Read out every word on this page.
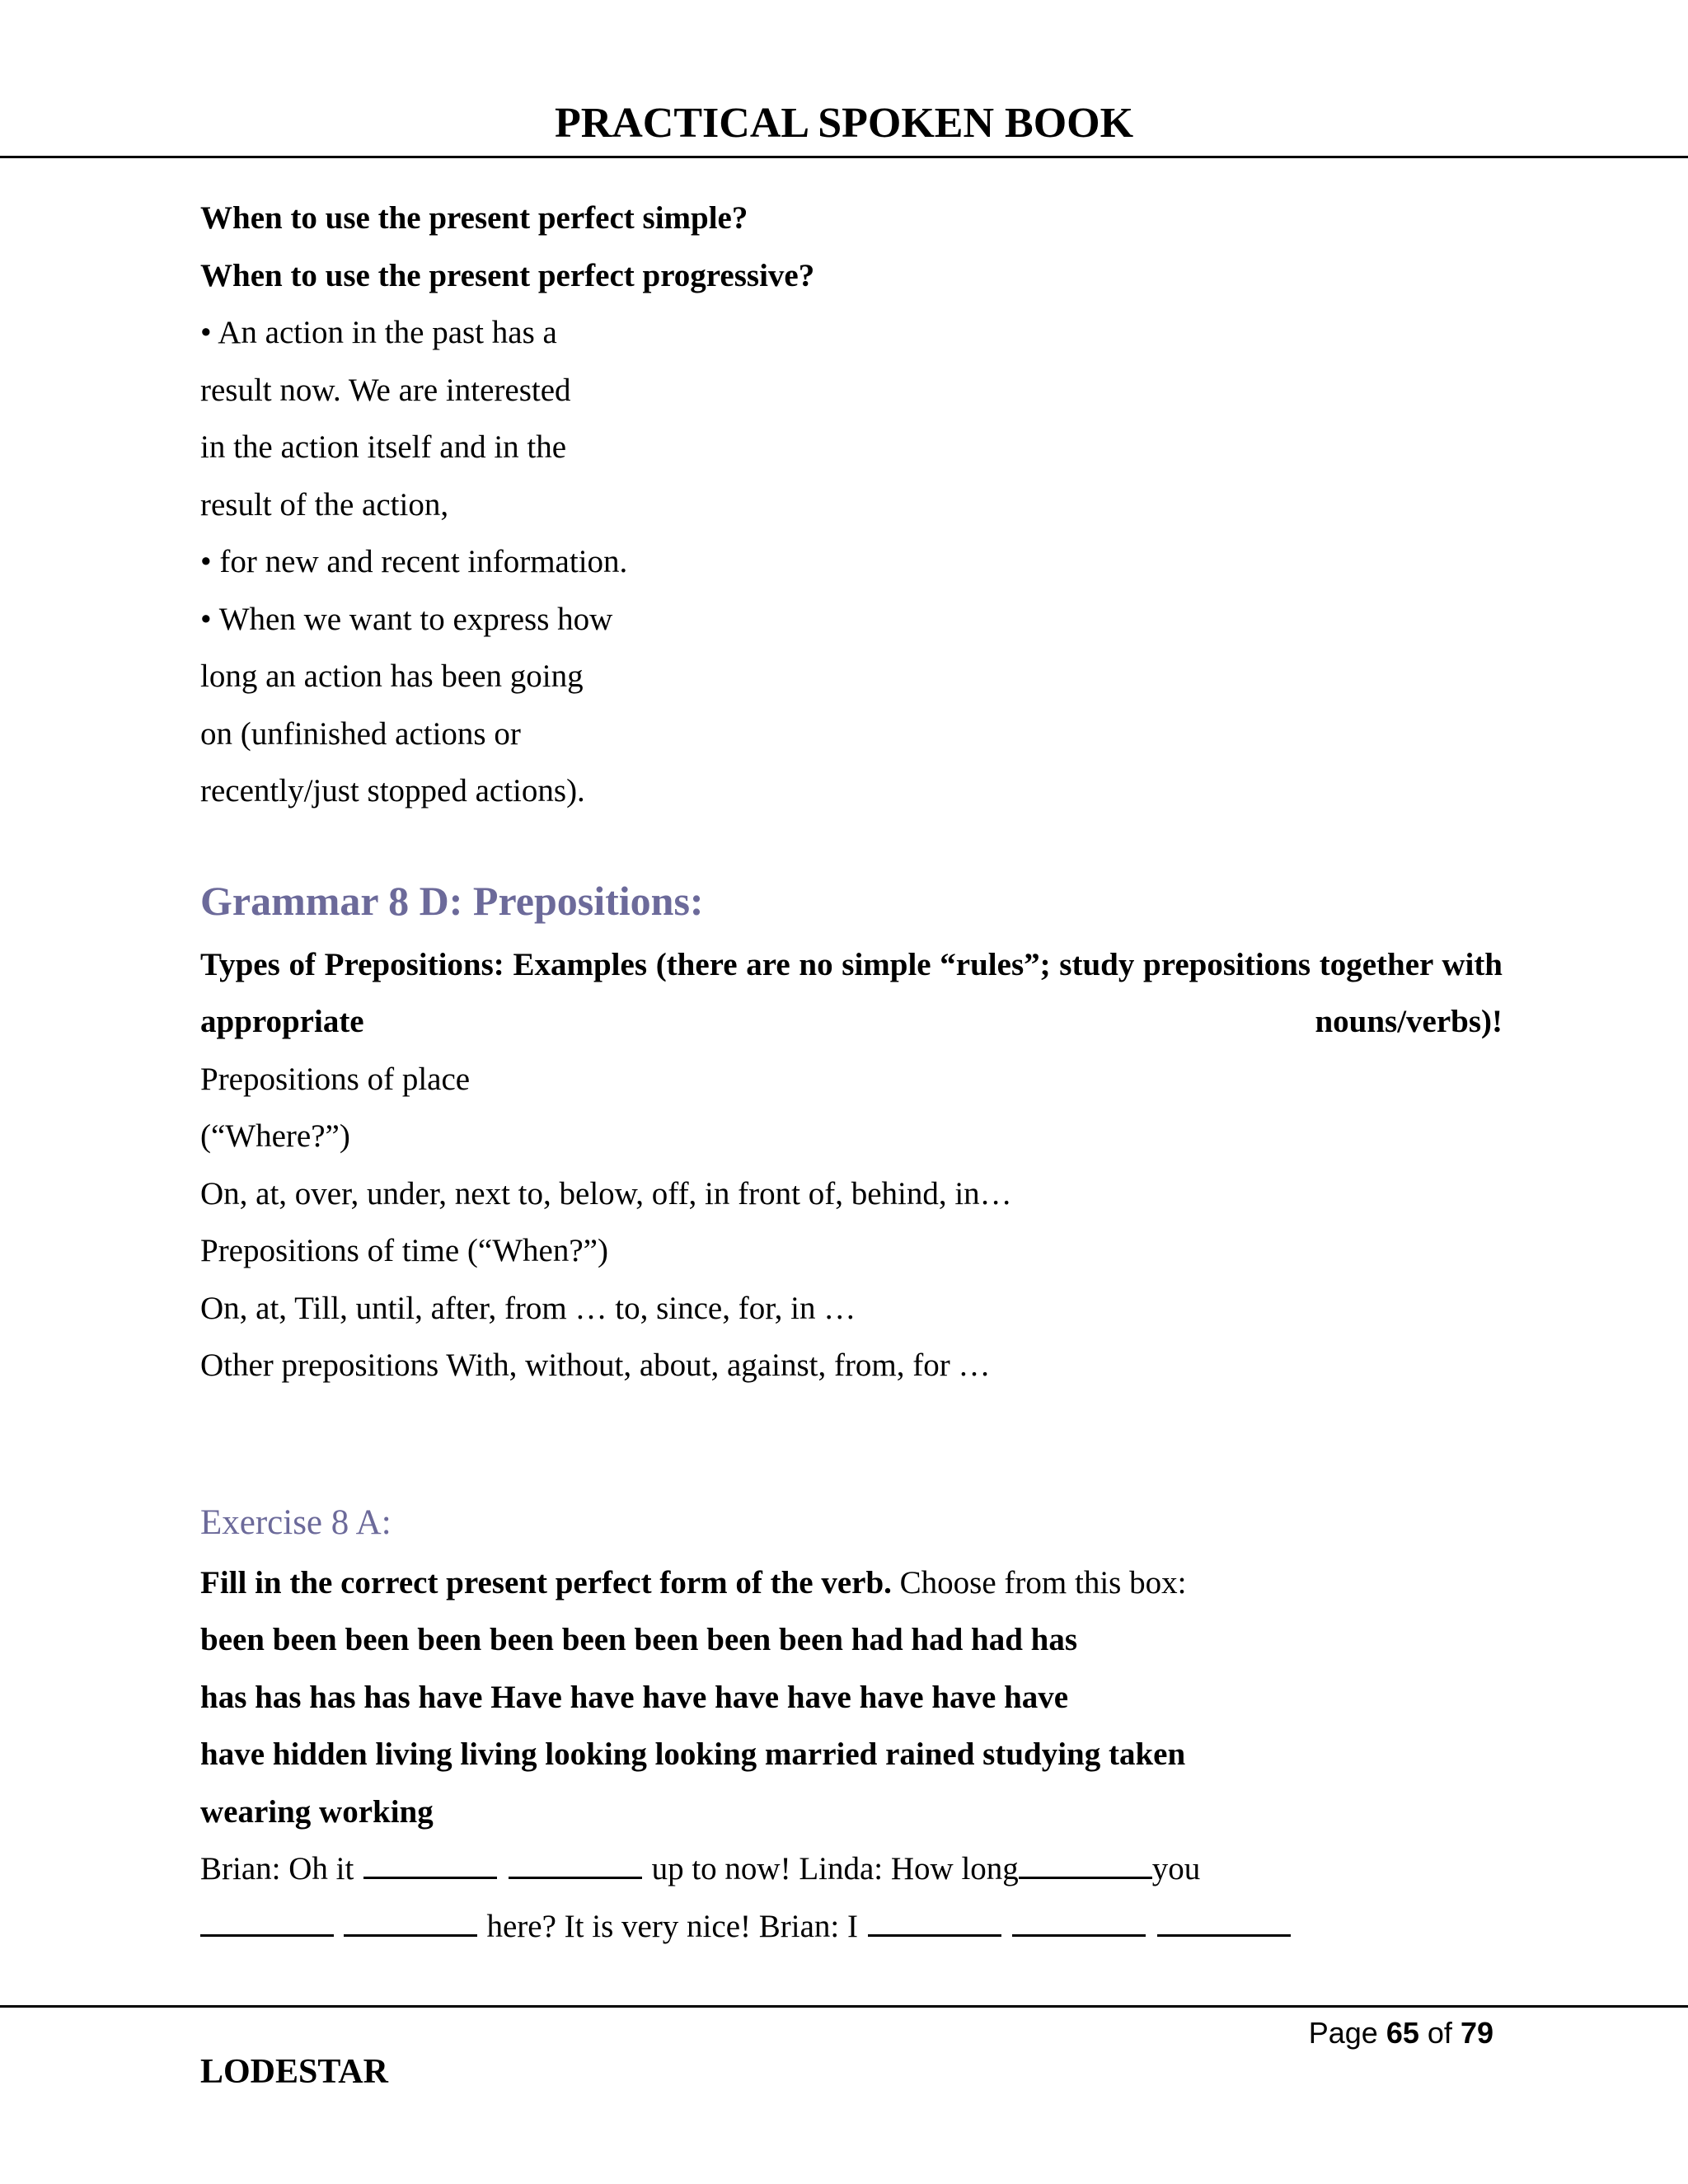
PRACTICAL SPOKEN BOOK
When to use the present perfect simple?
When to use the present perfect progressive?
• An action in the past has a
result now. We are interested
in the action itself and in the
result of the action,
• for new and recent information.
• When we want to express how
long an action has been going
on (unfinished actions or
recently/just stopped actions).
Grammar 8 D: Prepositions:
Types of Prepositions: Examples (there are no simple “rules”; study prepositions together with appropriate nouns/verbs)!
Prepositions of place
(“Where?”)
On, at, over, under, next to, below, off, in front of, behind, in…
Prepositions of time (“When?”)
On, at, Till, until, after, from … to, since, for, in …
Other prepositions With, without, about, against, from, for …
Exercise 8 A:
Fill in the correct present perfect form of the verb. Choose from this box:
been been been been been been been been been had had had has
has has has has have Have have have have have have have have
have hidden living living looking looking married rained studying taken
wearing working
Brian: Oh it	up to now! Linda: How long	you
here? It is very nice! Brian: I
Page 65 of 79
LODESTAR
